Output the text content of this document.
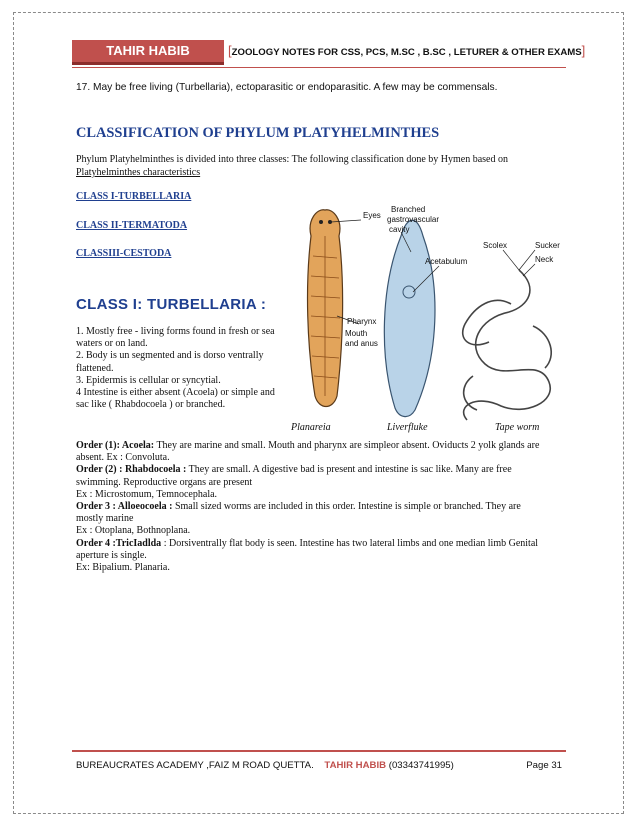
TAHIR HABIB	[ZOOLOGY NOTES FOR CSS, PCS, M.SC , B.SC , LETURER & OTHER EXAMS]
17. May be free living (Turbellaria), ectoparasitic or endoparasitic. A few may be commensals.
CLASSIFICATION OF PHYLUM PLATYHELMINTHES
Phylum Platyhelminthes is divided into three classes: The following classification done by Hymen based on  Platyhelminthes characteristics
CLASS I-TURBELLARIA
CLASS II-TERMATODA
CLASSIII-CESTODA
CLASS I: TURBELLARIA :

1. Mostly free - living forms found in fresh or sea waters or on land.

2. Body is un segmented and is dorso ventrally flattened.

3. Epidermis is cellular or syncytial.

4 Intestine is either absent (Acoela) or simple and sac like ( Rhabdocoela ) or branched.

Order (1): Acoela: They are marine and small. Mouth and pharynx are simpleor absent. Oviducts 2 yolk glands are absent. Ex : Convoluta.

Order (2) : Rhabdocoela : They are small. A digestive bad is present and intestine is sac like. Many are free swimming. Reproductive organs are present

Ex : Microstomum, Temnocephala.

Order 3 : Alloeocoela : Small sized worms are included in this order. Intestine is simple or branched. They are mostly marine

Ex : Otoplana, Bothnoplana.

Order 4 :TricIadlda : Dorsiventrally flat body is seen. Intestine has two lateral limbs and one median limb Genital aperture is single.

Ex: Bipalium. Planaria.

Eyes
Branched
gastrovascular
cavity
Acetabulum
Scolex	Sucker
Neck
Pharynx
Mouth
and anus
Planareia	Liverfluke	Tape worm
BUREAUCRATES ACADEMY ,FAIZ M ROAD QUETTA. TAHIR HABIB (03343741995)	Page 31
